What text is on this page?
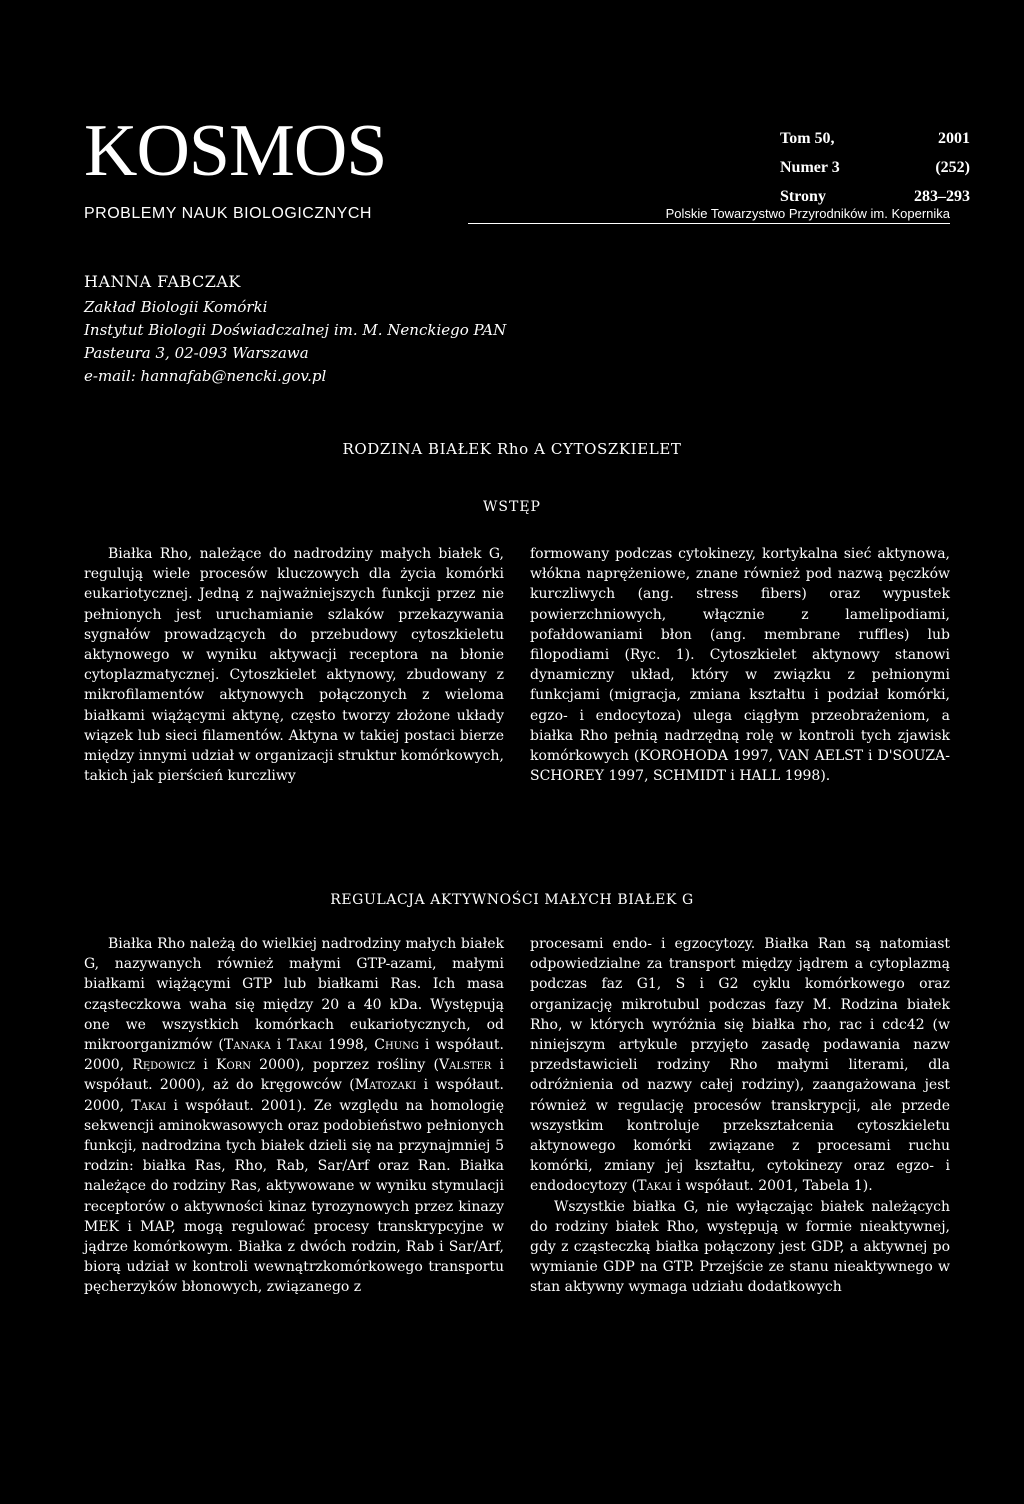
KOSMOS
PROBLEMY NAUK BIOLOGICZNYCH
Tom 50,	2001
Numer 3	(252)
Strony	283–293
Polskie Towarzystwo Przyrodników im. Kopernika
HANNA FABCZAK
Zakład Biologii Komórki
Instytut Biologii Doświadczalnej im. M. Nenckiego PAN
Pasteura 3, 02-093 Warszawa
e-mail: hannafab@nencki.gov.pl
RODZINA BIAŁEK Rho A CYTOSZKIELET
WSTĘP

Białka Rho, należące do nadrodziny małych białek G, regulują wiele procesów kluczowych dla życia komórki eukariotycznej. Jedną z najważniejszych funkcji przez nie pełnionych jest uruchamianie szlaków przekazywania sygnałów prowadzących do przebudowy cytoszkieletu aktynowego w wyniku aktywacji receptora na błonie cytoplazmatycznej. Cytoszkielet aktynowy, zbudowany z mikrofilamentów aktynowych połączonych z wieloma białkami wiążącymi aktynę, często tworzy złożone układy wiązek lub sieci filamentów. Aktyna w takiej postaci bierze między innymi udział w organizacji struktur komórkowych, takich jak pierścień kurczliwy

formowany podczas cytokinezy, kortykalna sieć aktynowa, włókna naprężeniowe, znane również pod nazwą pęczków kurczliwych (ang. stress fibers) oraz wypustek powierzchniowych, włącznie z lamelipodiami, pofałdowaniami błon (ang. membrane ruffles) lub filopodiami (Ryc. 1). Cytoszkielet aktynowy stanowi dynamiczny układ, który w związku z pełnionymi funkcjami (migracja, zmiana kształtu i podział komórki, egzo- i endocytoza) ulega ciągłym przeobrażeniom, a białka Rho pełnią nadrzędną rolę w kontroli tych zjawisk komórkowych (KOROHODA 1997, VAN AELST i D'SOUZA-SCHOREY 1997, SCHMIDT i HALL 1998).

REGULACJA AKTYWNOŚCI MAŁYCH BIAŁEK G

Białka Rho należą do wielkiej nadrodziny małych białek G, nazywanych również małymi GTP-azami, małymi białkami wiążącymi GTP lub białkami Ras. Ich masa cząsteczkowa waha się między 20 a 40 kDa. Występują one we wszystkich komórkach eukariotycznych, od mikroorganizmów (Tanaka i Takai 1998, Chung i współaut. 2000, Rędowicz i Korn 2000), poprzez rośliny (Valster i współaut. 2000), aż do kręgowców (Matozaki i współaut. 2000, Takai i współaut. 2001). Ze względu na homologię sekwencji aminokwasowych oraz podobieństwo pełnionych funkcji, nadrodzina tych białek dzieli się na przynajmniej 5 rodzin: białka Ras, Rho, Rab, Sar/Arf oraz Ran. Białka należące do rodziny Ras, aktywowane w wyniku stymulacji receptorów o aktywności kinaz tyrozynowych przez kinazy MEK i MAP, mogą regulować procesy transkrypcyjne w jądrze komórkowym. Białka z dwóch rodzin, Rab i Sar/Arf, biorą udział w kontroli wewnątrzkomórkowego transportu pęcherzyków błonowych, związanego z

procesami endo- i egzocytozy. Białka Ran są natomiast odpowiedzialne za transport między jądrem a cytoplazmą podczas faz G1, S i G2 cyklu komórkowego oraz organizację mikrotubul podczas fazy M. Rodzina białek Rho, w których wyróżnia się białka rho, rac i cdc42 (w niniejszym artykule przyjęto zasadę podawania nazw przedstawicieli rodziny Rho małymi literami, dla odróżnienia od nazwy całej rodziny), zaangażowana jest również w regulację procesów transkrypcji, ale przede wszystkim kontroluje przekształcenia cytoszkieletu aktynowego komórki związane z procesami ruchu komórki, zmiany jej kształtu, cytokinezy oraz egzo- i endodocytozy (Takai i współaut. 2001, Tabela 1).

Wszystkie białka G, nie wyłączając białek należących do rodziny białek Rho, występują w formie nieaktywnej, gdy z cząsteczką białka połączony jest GDP, a aktywnej po wymianie GDP na GTP. Przejście ze stanu nieaktywnego w stan aktywny wymaga udziału dodatkowych
